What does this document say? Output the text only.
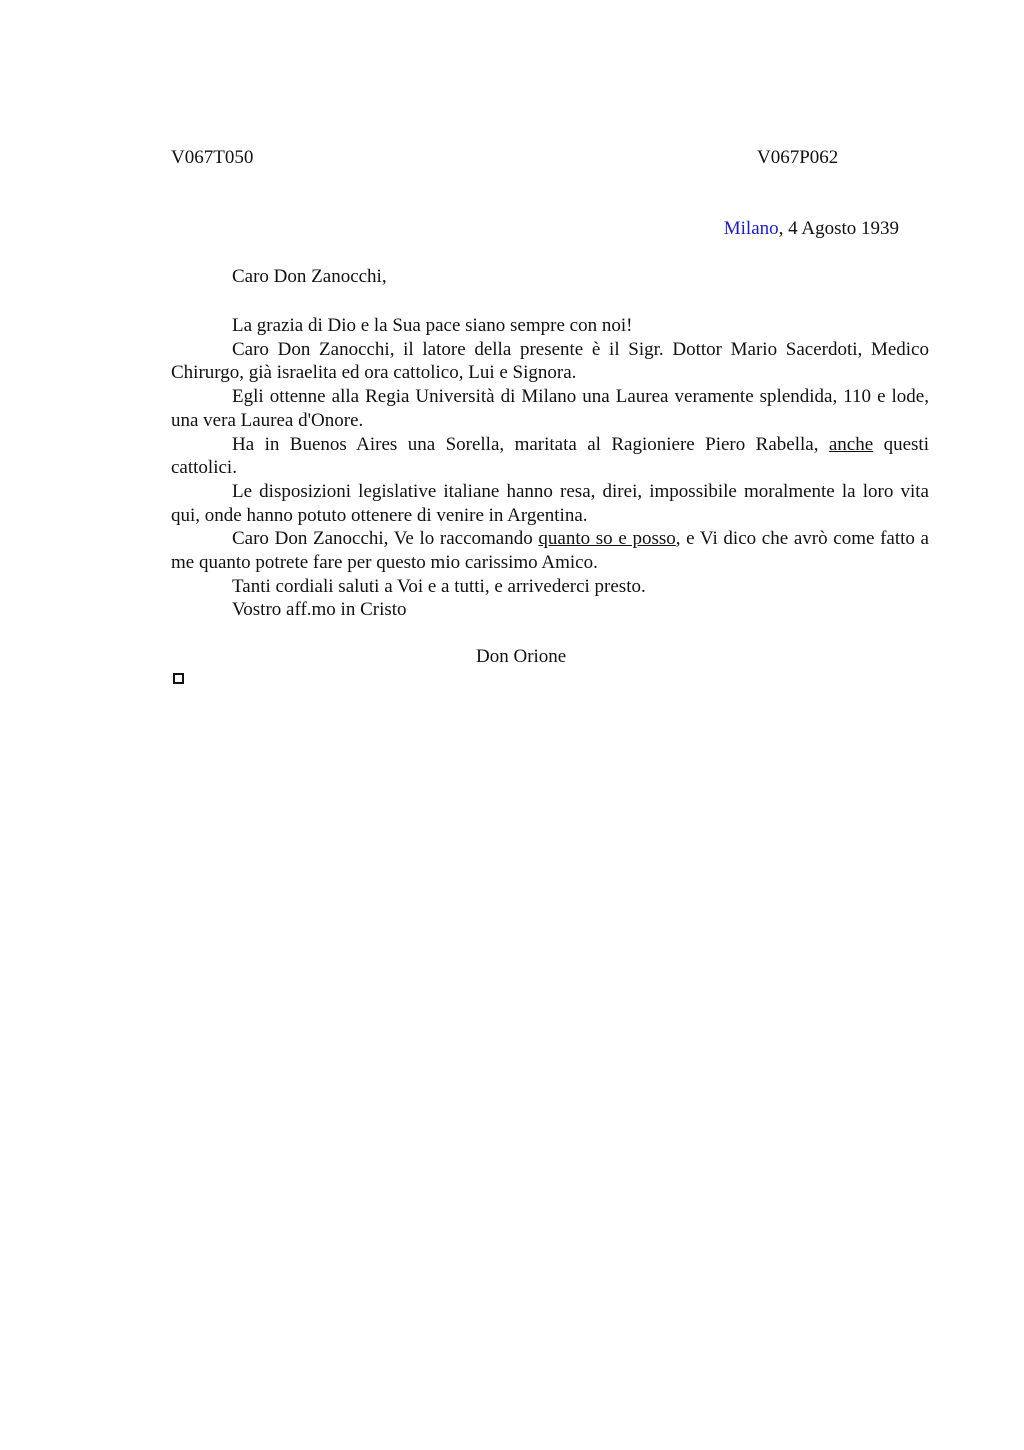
V067T050	V067P062
Milano, 4 Agosto 1939
Caro Don Zanocchi,

La grazia di Dio e la Sua pace siano sempre con noi!

Caro Don Zanocchi, il latore della presente è il Sigr. Dottor Mario Sacerdoti, Medico Chirurgo, già israelita ed ora cattolico, Lui e Signora.

Egli ottenne alla Regia Università di Milano una Laurea veramente splendida, 110 e lode, una vera Laurea d'Onore.

Ha in Buenos Aires una Sorella, maritata al Ragioniere Piero Rabella, anche questi cattolici.

Le disposizioni legislative italiane hanno resa, direi, impossibile moralmente la loro vita qui, onde hanno potuto ottenere di venire in Argentina.

Caro Don Zanocchi, Ve lo raccomando quanto so e posso, e Vi dico che avrò come fatto a me quanto potrete fare per questo mio carissimo Amico.

Tanti cordiali saluti a Voi e a tutti, e arrivederci presto.

Vostro aff.mo in Cristo

Don Orione
